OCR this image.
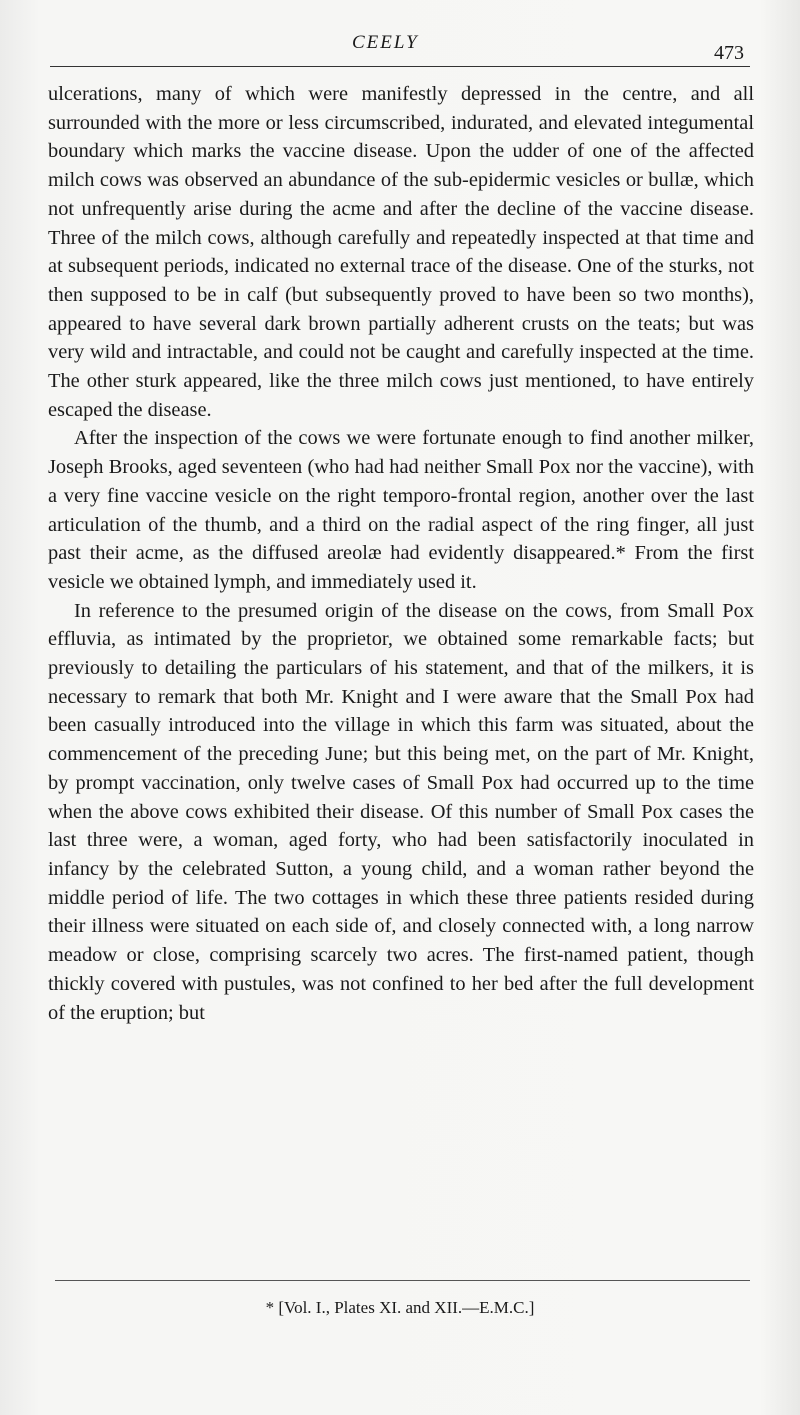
CEELY	473

ulcerations, many of which were manifestly depressed in the centre, and all surrounded with the more or less circumscribed, indurated, and elevated integumental boundary which marks the vaccine disease. Upon the udder of one of the affected milch cows was observed an abundance of the sub-epidermic vesicles or bullæ, which not unfrequently arise during the acme and after the decline of the vaccine disease. Three of the milch cows, although carefully and repeatedly inspected at that time and at subsequent periods, indicated no external trace of the disease. One of the sturks, not then supposed to be in calf (but subsequently proved to have been so two months), appeared to have several dark brown partially adherent crusts on the teats; but was very wild and intractable, and could not be caught and carefully inspected at the time. The other sturk appeared, like the three milch cows just mentioned, to have entirely escaped the disease.

After the inspection of the cows we were fortunate enough to find another milker, Joseph Brooks, aged seventeen (who had had neither Small Pox nor the vaccine), with a very fine vaccine vesicle on the right temporo-frontal region, another over the last articulation of the thumb, and a third on the radial aspect of the ring finger, all just past their acme, as the diffused areolæ had evidently disappeared.* From the first vesicle we obtained lymph, and immediately used it.

In reference to the presumed origin of the disease on the cows, from Small Pox effluvia, as intimated by the proprietor, we obtained some remarkable facts; but previously to detailing the particulars of his statement, and that of the milkers, it is necessary to remark that both Mr. Knight and I were aware that the Small Pox had been casually introduced into the village in which this farm was situated, about the commencement of the preceding June; but this being met, on the part of Mr. Knight, by prompt vaccination, only twelve cases of Small Pox had occurred up to the time when the above cows exhibited their disease. Of this number of Small Pox cases the last three were, a woman, aged forty, who had been satisfactorily inoculated in infancy by the celebrated Sutton, a young child, and a woman rather beyond the middle period of life. The two cottages in which these three patients resided during their illness were situated on each side of, and closely connected with, a long narrow meadow or close, comprising scarcely two acres. The first-named patient, though thickly covered with pustules, was not confined to her bed after the full development of the eruption; but

* [Vol. I., Plates XI. and XII.—E.M.C.]
